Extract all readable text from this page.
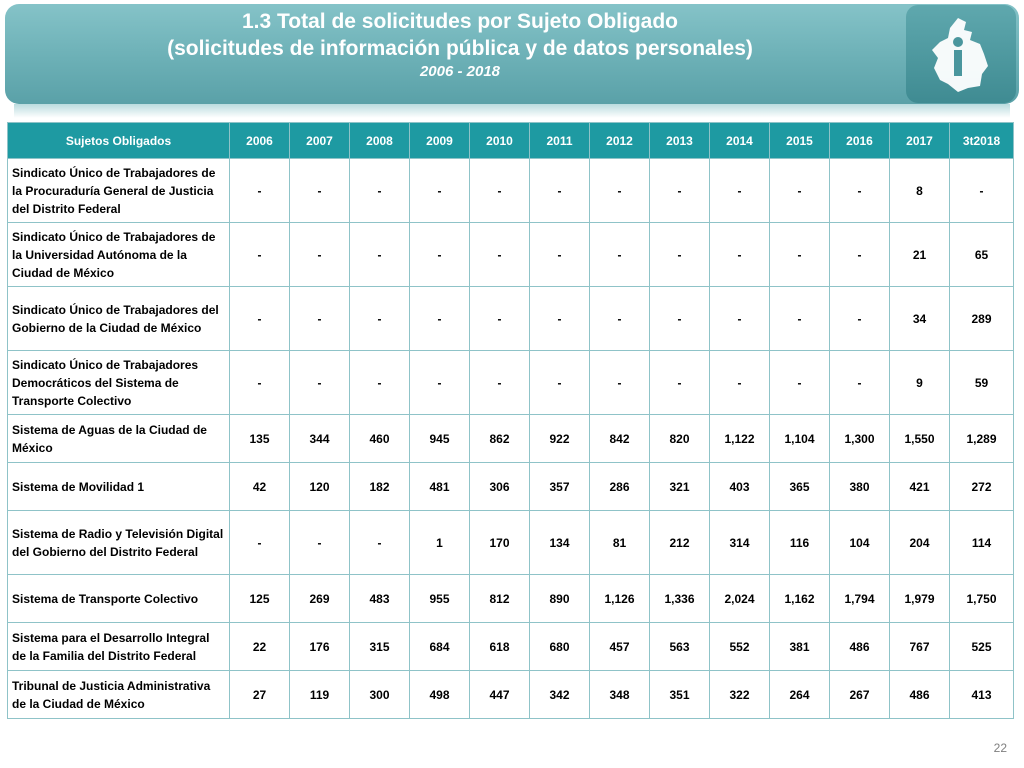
1.3 Total de solicitudes por Sujeto Obligado
(solicitudes de información pública y de datos personales)
2006 - 2018
Sujetos Obligados	2006	2007	2008	2009	2010	2011	2012	2013	2014	2015	2016	2017	3t2018
Sindicato Único de Trabajadores de la Procuraduría General de Justicia del Distrito Federal	-	-	-	-	-	-	-	-	-	-	-	8	-
Sindicato Único de Trabajadores de la Universidad Autónoma de la Ciudad de México	-	-	-	-	-	-	-	-	-	-	-	21	65
Sindicato Único de Trabajadores del Gobierno de la Ciudad de México	-	-	-	-	-	-	-	-	-	-	-	34	289
Sindicato Único de Trabajadores Democráticos del Sistema de Transporte Colectivo	-	-	-	-	-	-	-	-	-	-	-	9	59
Sistema de Aguas de la Ciudad de México	135	344	460	945	862	922	842	820	1,122	1,104	1,300	1,550	1,289
Sistema de Movilidad 1	42	120	182	481	306	357	286	321	403	365	380	421	272
Sistema de Radio y Televisión Digital del Gobierno del Distrito Federal	-	-	-	1	170	134	81	212	314	116	104	204	114
Sistema de Transporte Colectivo	125	269	483	955	812	890	1,126	1,336	2,024	1,162	1,794	1,979	1,750
Sistema para el Desarrollo Integral de la Familia del Distrito Federal	22	176	315	684	618	680	457	563	552	381	486	767	525
Tribunal de Justicia Administrativa de la Ciudad de México	27	119	300	498	447	342	348	351	322	264	267	486	413
22
